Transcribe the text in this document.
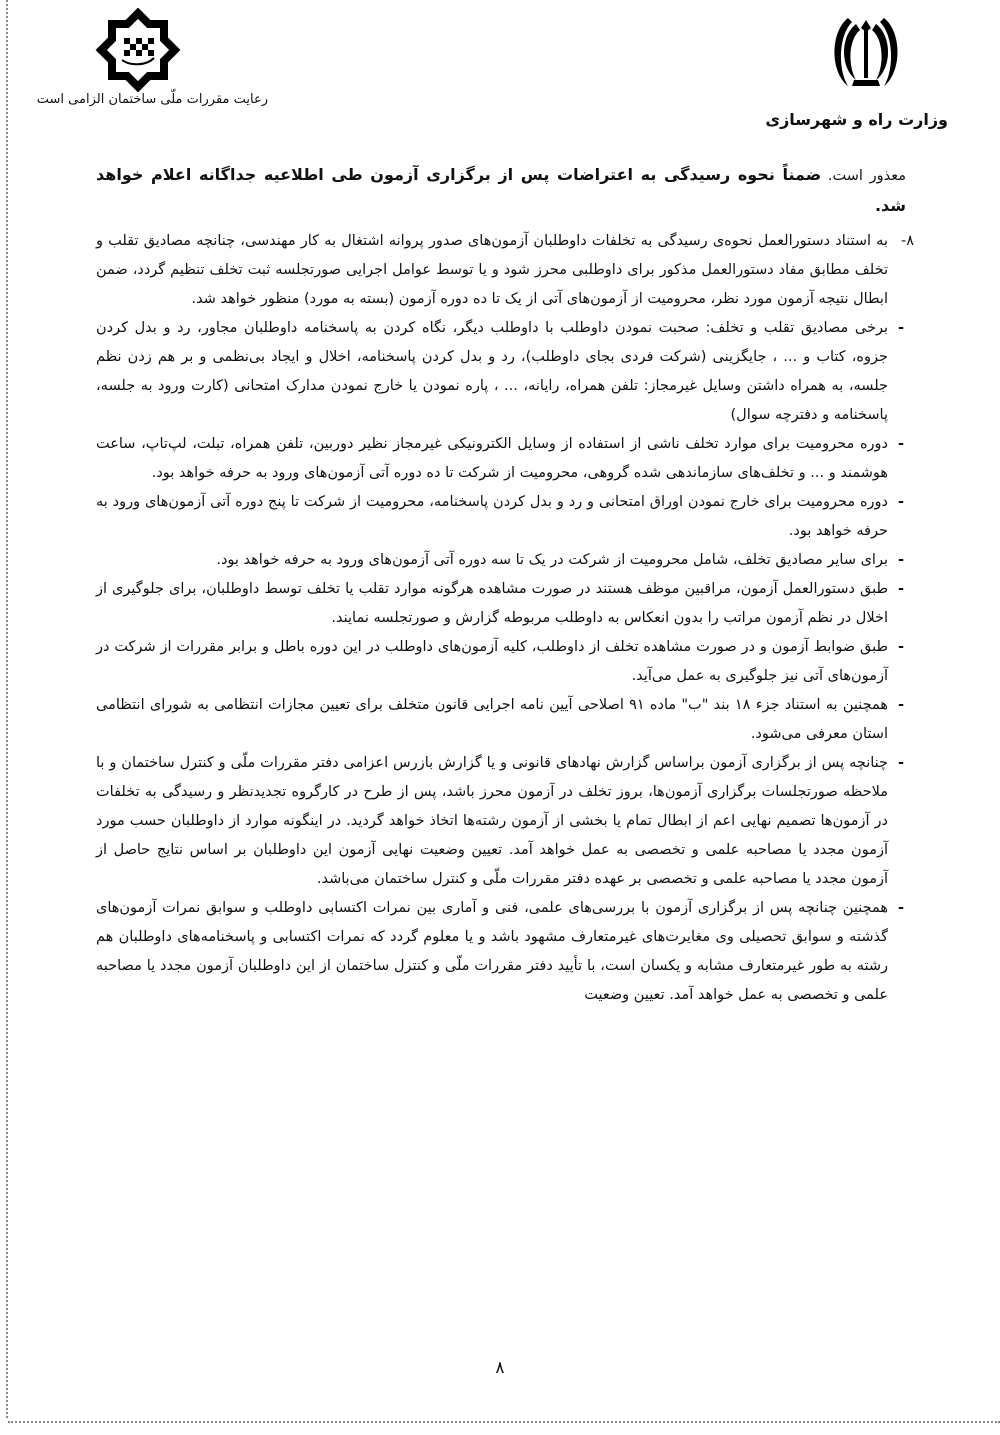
وزارت راه و شهرسازی
رعایت مقررات ملّی ساختمان الزامی است

معذور است. ضمناً نحوه رسیدگی به اعتراضات پس از برگزاری آزمون طی اطلاعیه جداگانه اعلام خواهد شد.

۸-
به استناد دستورالعمل نحوه‌ی رسیدگی به تخلفات داوطلبان آزمون‌های صدور پروانه اشتغال به کار مهندسی، چنانچه مصادیق تقلب و تخلف مطابق مفاد دستورالعمل مذکور برای داوطلبی محرز شود و یا توسط عوامل اجرایی صورتجلسه ثبت تخلف تنظیم گردد، ضمن ابطال نتیجه آزمون مورد نظر، محرومیت از آزمون‌های آتی از یک تا ده دوره آزمون (بسته به مورد) منظور خواهد شد.

-
برخی مصادیق تقلب و تخلف: صحبت نمودن داوطلب با داوطلب دیگر، نگاه کردن به پاسخنامه داوطلبان مجاور، رد و بدل کردن جزوه، کتاب و ... ، جایگزینی (شرکت فردی بجای داوطلب)، رد و بدل کردن پاسخنامه، اخلال و ایجاد بی‌نظمی و بر هم زدن نظم جلسه، به همراه داشتن وسایل غیرمجاز: تلفن همراه، رایانه، ... ، پاره نمودن یا خارج نمودن مدارک امتحانی (کارت ورود به جلسه، پاسخنامه و دفترچه سوال)

-
دوره محرومیت برای موارد تخلف ناشی از استفاده از وسایل الکترونیکی غیرمجاز نظیر دوربین، تلفن همراه، تبلت، لپ‌تاپ، ساعت هوشمند و ... و تخلف‌های سازماندهی شده گروهی، محرومیت از شرکت تا ده دوره آتی آزمون‌های ورود به حرفه خواهد بود.

-
دوره محرومیت برای خارج نمودن اوراق امتحانی و رد و بدل کردن پاسخنامه، محرومیت از شرکت تا پنج دوره آتی آزمون‌های ورود به حرفه خواهد بود.

-
برای سایر مصادیق تخلف، شامل محرومیت از شرکت در یک تا سه دوره آتی آزمون‌های ورود به حرفه خواهد بود.

-
طبق دستورالعمل آزمون، مراقبین موظف هستند در صورت مشاهده هرگونه موارد تقلب یا تخلف توسط داوطلبان، برای جلوگیری از اخلال در نظم آزمون مراتب را بدون انعکاس به داوطلب مربوطه گزارش و صورتجلسه نمایند.

-
طبق ضوابط آزمون و در صورت مشاهده تخلف از داوطلب، کلیه آزمون‌های داوطلب در این دوره باطل و برابر مقررات از شرکت در آزمون‌های آتی نیز جلوگیری به عمل می‌آید.

-
همچنین به استناد جزء ۱۸ بند "ب" ماده ۹۱ اصلاحی آیین نامه اجرایی قانون متخلف برای تعیین مجازات انتظامی به شورای انتظامی استان معرفی می‌شود.

-
چنانچه پس از برگزاری آزمون براساس گزارش نهادهای قانونی و یا گزارش بازرس اعزامی دفتر مقررات ملّی و کنترل ساختمان و با ملاحظه صورتجلسات برگزاری آزمون‌ها، بروز تخلف در آزمون محرز باشد، پس از طرح در کارگروه تجدیدنظر و رسیدگی به تخلفات در آزمون‌ها تصمیم نهایی اعم از ابطال تمام یا بخشی از آزمون رشته‌ها اتخاذ خواهد گردید. در اینگونه موارد از داوطلبان حسب مورد آزمون مجدد یا مصاحبه علمی و تخصصی به عمل خواهد آمد. تعیین وضعیت نهایی آزمون این داوطلبان بر اساس نتایج حاصل از آزمون مجدد یا مصاحبه علمی و تخصصی بر عهده دفتر مقررات ملّی و کنترل ساختمان می‌باشد.

-
همچنین چنانچه پس از برگزاری آزمون با بررسی‌های علمی، فنی و آماری بین نمرات اکتسابی داوطلب و سوابق نمرات آزمون‌های گذشته و سوابق تحصیلی وی مغایرت‌های غیرمتعارف مشهود باشد و یا معلوم گردد که نمرات اکتسابی و پاسخنامه‌های داوطلبان هم رشته به طور غیرمتعارف مشابه و یکسان است، با تأیید دفتر مقررات ملّی و کنترل ساختمان از این داوطلبان آزمون مجدد یا مصاحبه علمی و تخصصی به عمل خواهد آمد. تعیین وضعیت

۸
